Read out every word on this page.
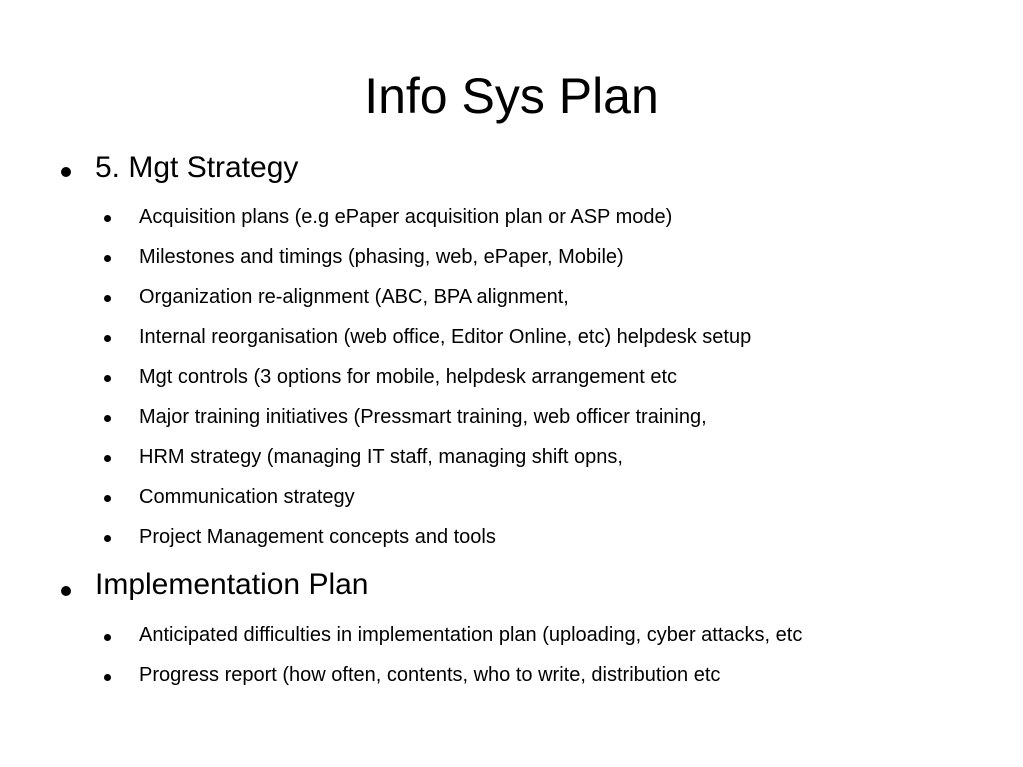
Info Sys Plan
5. Mgt Strategy
Acquisition plans (e.g ePaper acquisition plan or ASP mode)
Milestones and timings (phasing, web, ePaper, Mobile)
Organization re-alignment (ABC, BPA alignment,
Internal reorganisation (web office, Editor Online, etc) helpdesk setup
Mgt controls (3 options for mobile, helpdesk arrangement etc
Major training initiatives (Pressmart training, web officer training,
HRM strategy (managing IT staff, managing shift opns,
Communication strategy
Project Management concepts and tools
Implementation Plan
Anticipated difficulties in implementation plan (uploading, cyber attacks, etc
Progress report (how often, contents, who to write, distribution etc
